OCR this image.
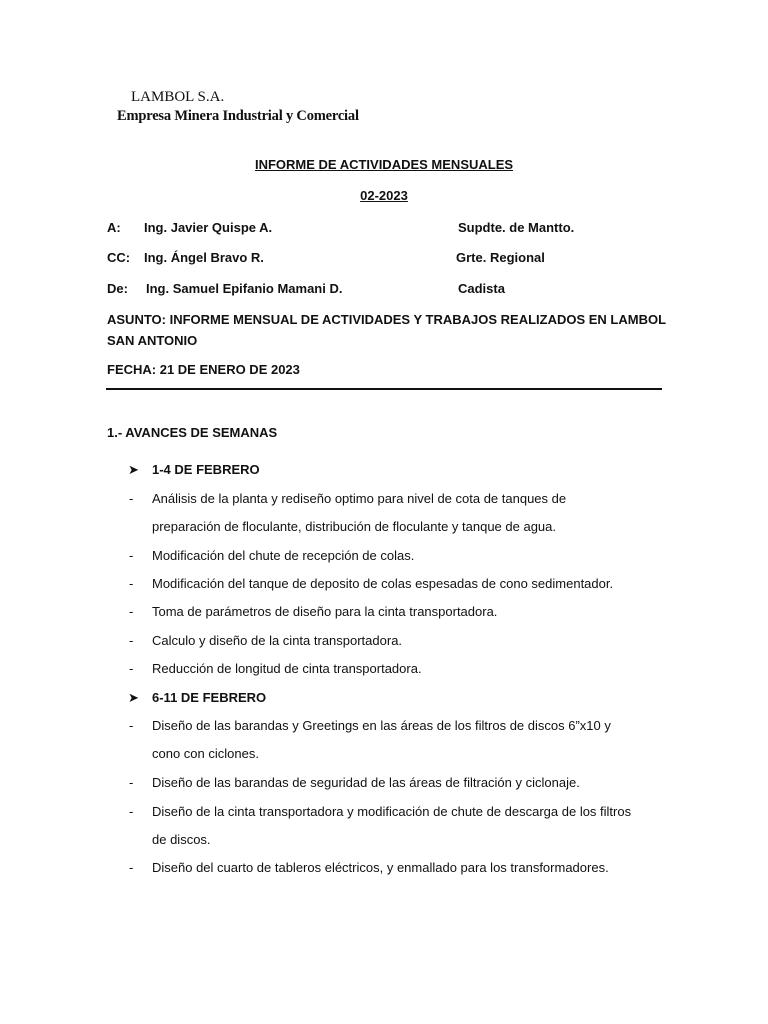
LAMBOL S.A.
Empresa Minera Industrial y Comercial
INFORME DE ACTIVIDADES MENSUALES
02-2023
A: Ing. Javier Quispe A.	Supdte. de Mantto.
CC: Ing. Ángel Bravo R.	Grte. Regional
De: Ing. Samuel Epifanio Mamani D.	Cadista
ASUNTO: INFORME MENSUAL DE ACTIVIDADES Y TRABAJOS REALIZADOS EN LAMBOL
SAN ANTONIO
FECHA: 21 DE ENERO DE 2023
1.- AVANCES DE SEMANAS
➤ 1-4 DE FEBRERO
- Análisis de la planta y rediseño optimo para nivel de cota de tanques de
preparación de floculante, distribución de floculante y tanque de agua.
- Modificación del chute de recepción de colas.
- Modificación del tanque de deposito de colas espesadas de cono sedimentador.
- Toma de parámetros de diseño para la cinta transportadora.
- Calculo y diseño de la cinta transportadora.
- Reducción de longitud de cinta transportadora.
➤ 6-11 DE FEBRERO
- Diseño de las barandas y Greetings en las áreas de los filtros de discos 6”x10 y
cono con ciclones.
- Diseño de las barandas de seguridad de las áreas de filtración y ciclonaje.
- Diseño de la cinta transportadora y modificación de chute de descarga de los filtros
de discos.
- Diseño del cuarto de tableros eléctricos, y enmallado para los transformadores.
